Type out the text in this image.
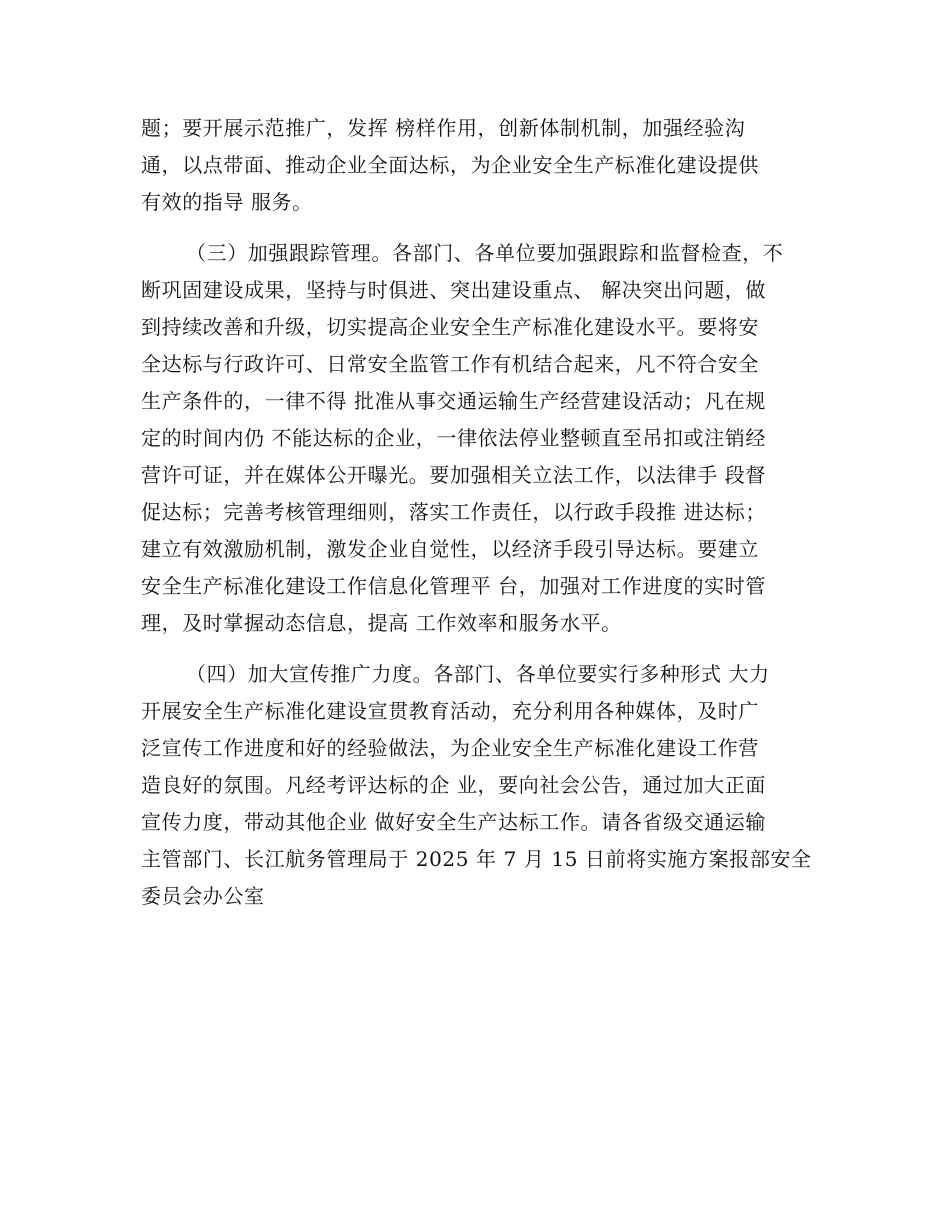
题；要开展示范推广，发挥 榜样作用，创新体制机制，加强经验沟
通，以点带面、推动企业全面达标，为企业安全生产标准化建设提供
有效的指导 服务。
（三）加强跟踪管理。各部门、各单位要加强跟踪和监督检查，不
断巩固建设成果，坚持与时俱进、突出建设重点、 解决突出问题，做
到持续改善和升级，切实提高企业安全生产标准化建设水平。要将安
全达标与行政许可、日常安全监管工作有机结合起来，凡不符合安全
生产条件的，一律不得 批准从事交通运输生产经营建设活动；凡在规
定的时间内仍 不能达标的企业，一律依法停业整顿直至吊扣或注销经
营许可证，并在媒体公开曝光。要加强相关立法工作，以法律手 段督
促达标；完善考核管理细则，落实工作责任，以行政手段推 进达标；
建立有效激励机制，激发企业自觉性，以经济手段引导达标。要建立
安全生产标准化建设工作信息化管理平 台，加强对工作进度的实时管
理，及时掌握动态信息，提高 工作效率和服务水平。
（四）加大宣传推广力度。各部门、各单位要实行多种形式 大力
开展安全生产标准化建设宣贯教育活动，充分利用各种媒体，及时广
泛宣传工作进度和好的经验做法，为企业安全生产标准化建设工作营
造良好的氛围。凡经考评达标的企 业，要向社会公告，通过加大正面
宣传力度，带动其他企业 做好安全生产达标工作。请各省级交通运输
主管部门、长江航务管理局于 2025 年 7 月 15 日前将实施方案报部安全
委员会办公室
